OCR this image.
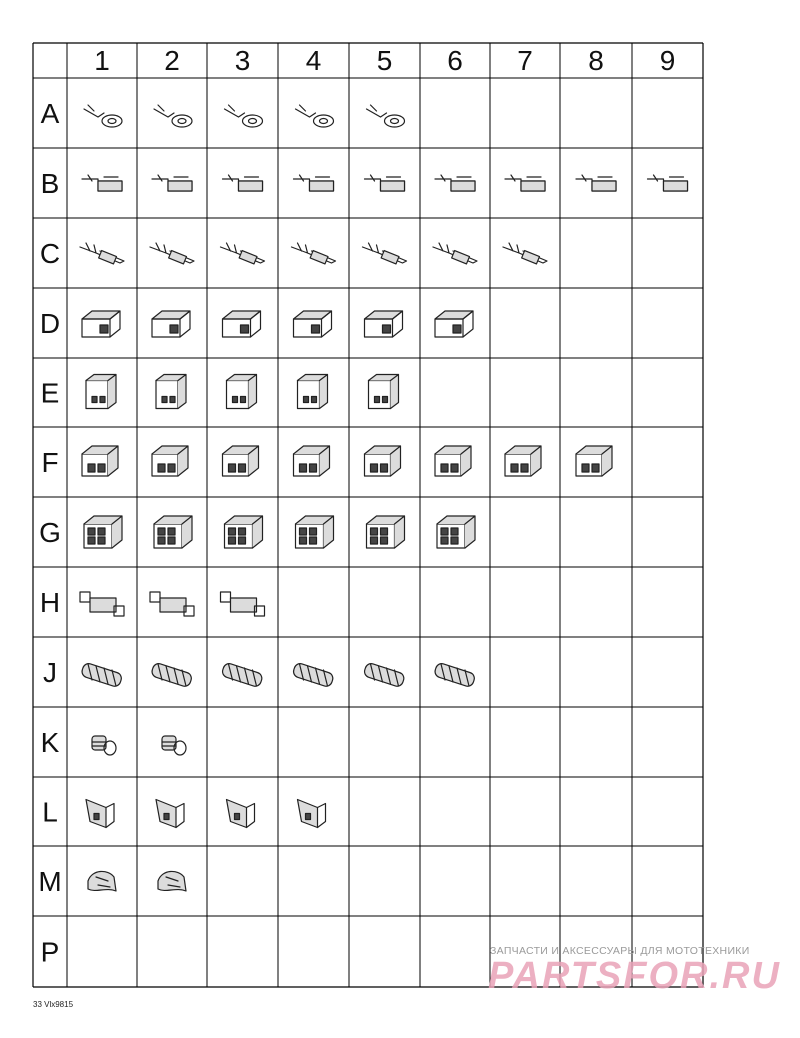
1 2 3 4 5 6 7 8 9
A
B
C
D
E
F
G
H
J
K
L
M
P	ЗАПЧАСТИ И АКСЕССУАРЫ ДЛЯ МОТОТЕХНИКИ
PARTSFOR.RU
33 Vlx9815
